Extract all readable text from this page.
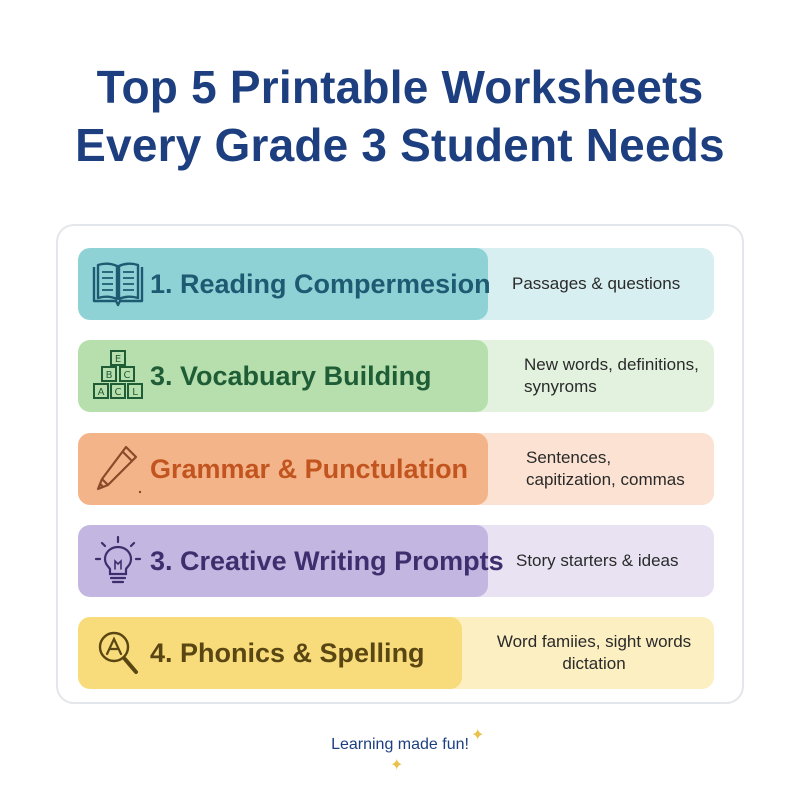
Top 5 Printable Worksheets
Every Grade 3 Student Needs
1. Reading Compermesion Passages & questions
E
B C
A C L
3. Vocabuary Building	New words, definitions,
synyroms
Grammar & Punctulation	Sentences,
capitization, commas
3. Creative Writing Prompts Story starters & ideas
4. Phonics & Spelling	Word famiies, sight words
dictation
Learning made fun!
✦
✦
